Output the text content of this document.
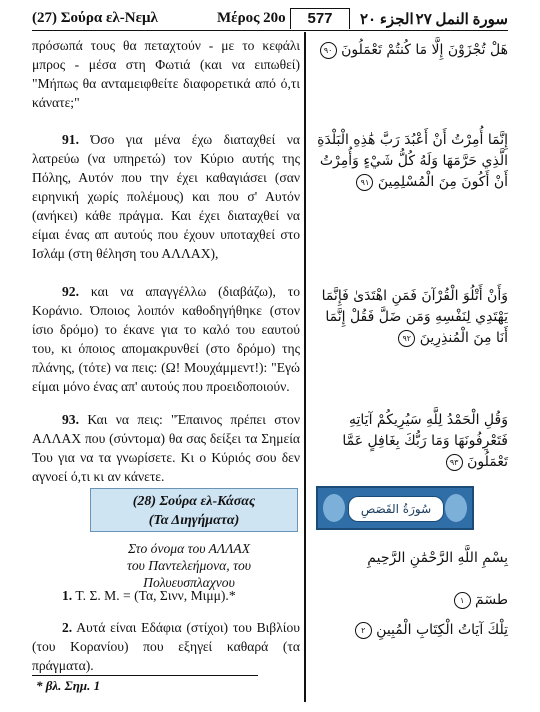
(27) Σούρα ελ-Νεμλ	Μέρος 20ο	577	الجزء ٢٠ سورة النمل ٢٧
πρόσωπά τους θα πεταχτούν - με το κεφάλι μπρος - μέσα στη Φωτιά (και να ειπωθεί) "Μήπως θα ανταμειφθείτε διαφορετικά από ό,τι κάνατε;"
91. Όσο για μένα έχω διαταχθεί να λατρεύω (να υπηρετώ) τον Κύριο αυτής της Πόλης, Αυτόν που την έχει καθαγιάσει (σαν ειρηνική χωρίς πολέμους) και που σ' Αυτόν (ανήκει) κάθε πράγμα. Και έχει διαταχθεί να είμαι ένας απ αυτούς που έχουν υποταχθεί στο Ισλάμ (στη θέληση του ΑΛΛΑΧ),
92. και να απαγγέλλω (διαβάζω), το Κοράνιο. Όποιος λοιπόν καθοδηγήθηκε (στον ίσιο δρόμο) το έκανε για το καλό του εαυτού του, κι όποιος απομακρυνθεί (στο δρόμο) της πλάνης, (τότε) να πεις: (Ω! Μουχάμμεντ!): "Εγώ είμαι μόνο ένας απ' αυτούς που προειδοποιούν.
93. Και να πεις: "Έπαινος πρέπει στον ΑΛΛΑΧ που (σύντομα) θα σας δείξει τα Σημεία Του για να τα γνωρίσετε. Κι ο Κύριός σου δεν αγνοεί ό,τι κι αν κάνετε.
(28) Σούρα ελ-Κάσας
(Τα Διηγήματα)
Στο όνομα του ΑΛΛΑΧ
του Παντελεήμονα, του Πολυευσπλαχνου
1. Τ. Σ. Μ. = (Τα, Σινν, Μιμμ).*
2. Αυτά είναι Εδάφια (στίχοι) του Βιβλίου (του Κορανίου) που εξηγεί καθαρά (τα πράγματα).
* βλ. Σημ. 1
هَلْ تُجْزَوْنَ إِلَّا مَا كُنتُمْ تَعْمَلُونَ ٩٠
إِنَّمَا أُمِرْتُ أَنْ أَعْبُدَ رَبَّ هَٰذِهِ الْبَلْدَةِ الَّذِي حَرَّمَهَا وَلَهُ كُلُّ شَيْءٍ وَأُمِرْتُ أَنْ أَكُونَ مِنَ الْمُسْلِمِينَ ٩١
وَأَنْ أَتْلُوَ الْقُرْآنَ فَمَنِ اهْتَدَىٰ فَإِنَّمَا يَهْتَدِي لِنَفْسِهِ وَمَن ضَلَّ فَقُلْ إِنَّمَا أَنَا مِنَ الْمُنذِرِينَ ٩٢
وَقُلِ الْحَمْدُ لِلَّهِ سَيُرِيكُمْ آيَاتِهِ فَتَعْرِفُونَهَا وَمَا رَبُّكَ بِغَافِلٍ عَمَّا تَعْمَلُونَ ٩٣
سُورَةُ القَصَصِ
بِسْمِ اللَّهِ الرَّحْمَٰنِ الرَّحِيمِ
طسٓمٓ ١
تِلْكَ آيَاتُ الْكِتَابِ الْمُبِينِ ٢
